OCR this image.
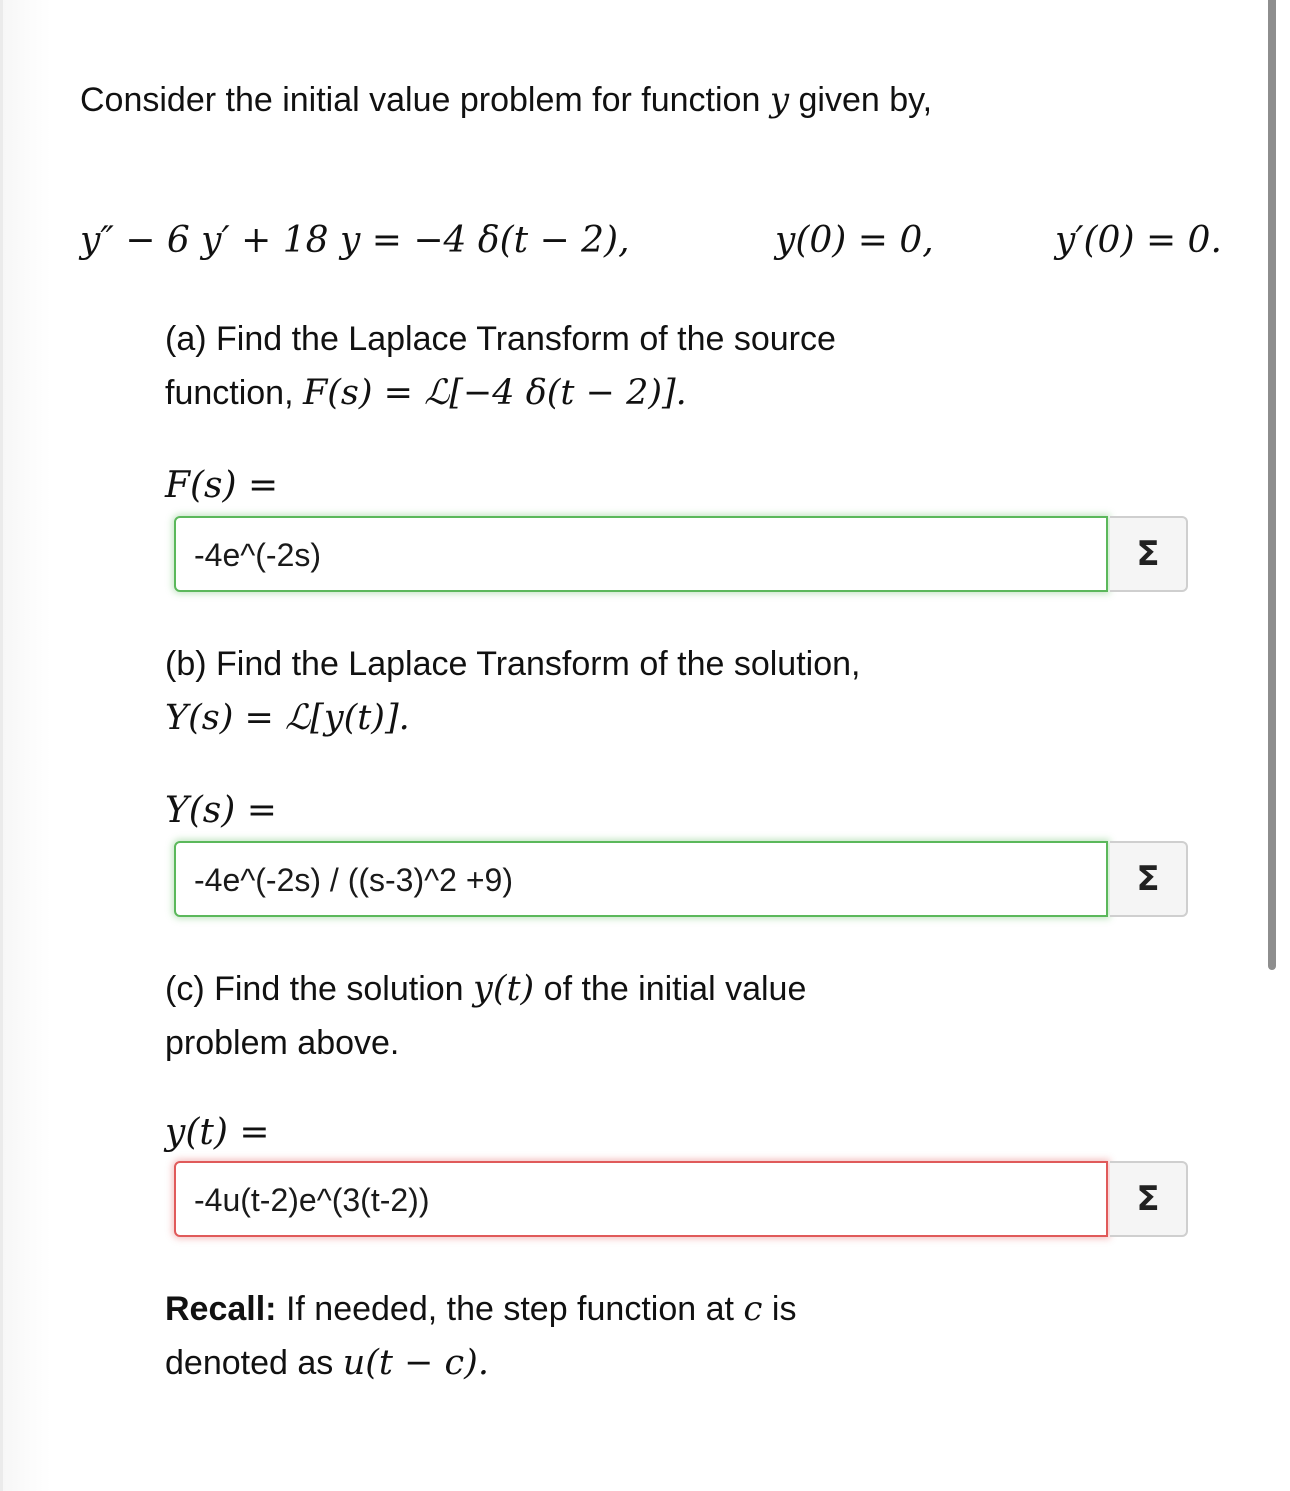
Consider the initial value problem for function y given by,
y″ − 6 y′ + 18 y = −4 δ(t − 2),	y(0) = 0,	y′(0) = 0.
(a) Find the Laplace Transform of the source
function, F(s) = ℒ[−4 δ(t − 2)].
F(s) =
-4e^(-2s)	Σ
(b) Find the Laplace Transform of the solution,
Y(s) = ℒ[y(t)].
Y(s) =
-4e^(-2s) / ((s-3)^2 +9)	Σ
(c) Find the solution y(t) of the initial value problem above.
y(t) =
-4u(t-2)e^(3(t-2))	Σ
Recall: If needed, the step function at c is denoted as u(t − c).
